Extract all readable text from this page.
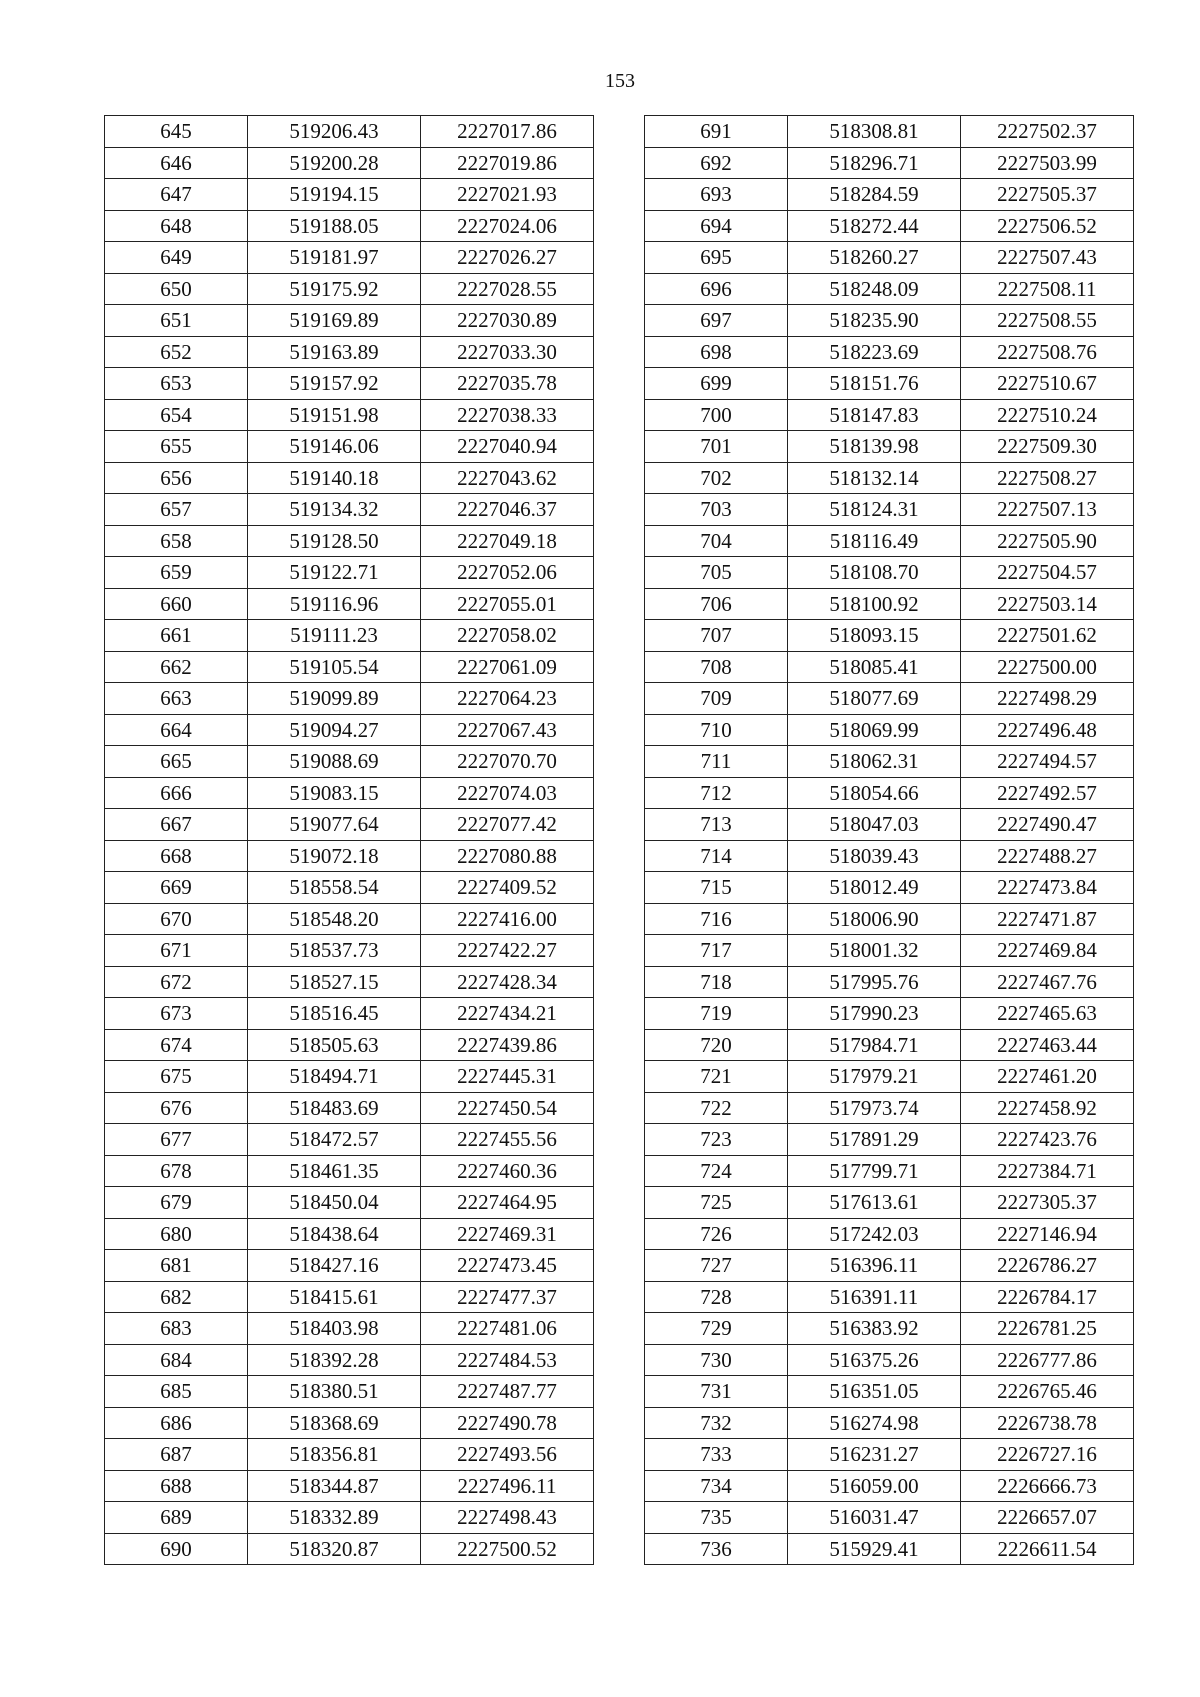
153
645	519206.43	2227017.86
646	519200.28	2227019.86
647	519194.15	2227021.93
648	519188.05	2227024.06
649	519181.97	2227026.27
650	519175.92	2227028.55
651	519169.89	2227030.89
652	519163.89	2227033.30
653	519157.92	2227035.78
654	519151.98	2227038.33
655	519146.06	2227040.94
656	519140.18	2227043.62
657	519134.32	2227046.37
658	519128.50	2227049.18
659	519122.71	2227052.06
660	519116.96	2227055.01
661	519111.23	2227058.02
662	519105.54	2227061.09
663	519099.89	2227064.23
664	519094.27	2227067.43
665	519088.69	2227070.70
666	519083.15	2227074.03
667	519077.64	2227077.42
668	519072.18	2227080.88
669	518558.54	2227409.52
670	518548.20	2227416.00
671	518537.73	2227422.27
672	518527.15	2227428.34
673	518516.45	2227434.21
674	518505.63	2227439.86
675	518494.71	2227445.31
676	518483.69	2227450.54
677	518472.57	2227455.56
678	518461.35	2227460.36
679	518450.04	2227464.95
680	518438.64	2227469.31
681	518427.16	2227473.45
682	518415.61	2227477.37
683	518403.98	2227481.06
684	518392.28	2227484.53
685	518380.51	2227487.77
686	518368.69	2227490.78
687	518356.81	2227493.56
688	518344.87	2227496.11
689	518332.89	2227498.43
690	518320.87	2227500.52
691	518308.81	2227502.37
692	518296.71	2227503.99
693	518284.59	2227505.37
694	518272.44	2227506.52
695	518260.27	2227507.43
696	518248.09	2227508.11
697	518235.90	2227508.55
698	518223.69	2227508.76
699	518151.76	2227510.67
700	518147.83	2227510.24
701	518139.98	2227509.30
702	518132.14	2227508.27
703	518124.31	2227507.13
704	518116.49	2227505.90
705	518108.70	2227504.57
706	518100.92	2227503.14
707	518093.15	2227501.62
708	518085.41	2227500.00
709	518077.69	2227498.29
710	518069.99	2227496.48
711	518062.31	2227494.57
712	518054.66	2227492.57
713	518047.03	2227490.47
714	518039.43	2227488.27
715	518012.49	2227473.84
716	518006.90	2227471.87
717	518001.32	2227469.84
718	517995.76	2227467.76
719	517990.23	2227465.63
720	517984.71	2227463.44
721	517979.21	2227461.20
722	517973.74	2227458.92
723	517891.29	2227423.76
724	517799.71	2227384.71
725	517613.61	2227305.37
726	517242.03	2227146.94
727	516396.11	2226786.27
728	516391.11	2226784.17
729	516383.92	2226781.25
730	516375.26	2226777.86
731	516351.05	2226765.46
732	516274.98	2226738.78
733	516231.27	2226727.16
734	516059.00	2226666.73
735	516031.47	2226657.07
736	515929.41	2226611.54
